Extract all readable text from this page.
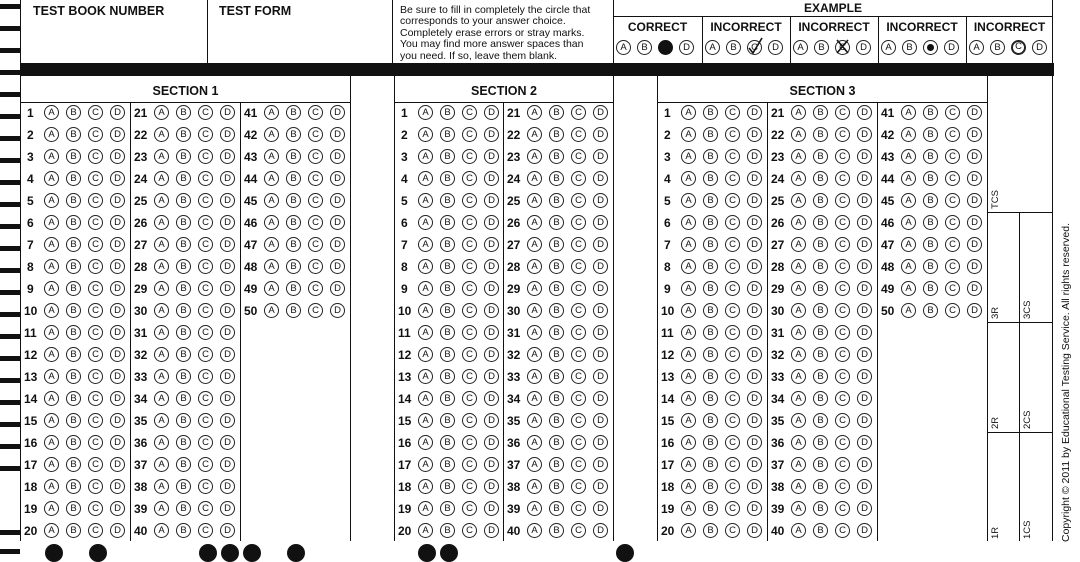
TEST BOOK NUMBER	TEST FORM	Be sure to fill in completely the circle that
corresponds to your answer choice.
Completely erase errors or stray marks.
You may find more answer spaces than
you need. If so, leave them blank.
EXAMPLE
TCS
3R 3CS
2R 2CS
1R 1CS	Copyright © 2011 by Educational Testing Service. All rights reserved.
CORRECT
A	B	D
INCORRECT
A	B	C	D
INCORRECT
A	B	C	D
INCORRECT
A	B	D
INCORRECT
A	B	C	D
SECTION 1
1	A	B	C	D
2	A	B	C	D
3	A	B	C	D
4	A	B	C	D
5	A	B	C	D
6	A	B	C	D
7	A	B	C	D
8	A	B	C	D
9	A	B	C	D
10	A	B	C	D
11	A	B	C	D
12	A	B	C	D
13	A	B	C	D
14	A	B	C	D
15	A	B	C	D
16	A	B	C	D
17	A	B	C	D
18	A	B	C	D
19	A	B	C	D
20	A	B	C	D
21	A	B	C	D
22	A	B	C	D
23	A	B	C	D
24	A	B	C	D
25	A	B	C	D
26	A	B	C	D
27	A	B	C	D
28	A	B	C	D
29	A	B	C	D
30	A	B	C	D
31	A	B	C	D
32	A	B	C	D
33	A	B	C	D
34	A	B	C	D
35	A	B	C	D
36	A	B	C	D
37	A	B	C	D
38	A	B	C	D
39	A	B	C	D
40	A	B	C	D
41	A	B	C	D
42	A	B	C	D
43	A	B	C	D
44	A	B	C	D
45	A	B	C	D
46	A	B	C	D
47	A	B	C	D
48	A	B	C	D
49	A	B	C	D
50	A	B	C	D
SECTION 2
1	A	B	C	D
2	A	B	C	D
3	A	B	C	D
4	A	B	C	D
5	A	B	C	D
6	A	B	C	D
7	A	B	C	D
8	A	B	C	D
9	A	B	C	D
10	A	B	C	D
11	A	B	C	D
12	A	B	C	D
13	A	B	C	D
14	A	B	C	D
15	A	B	C	D
16	A	B	C	D
17	A	B	C	D
18	A	B	C	D
19	A	B	C	D
20	A	B	C	D
21	A	B	C	D
22	A	B	C	D
23	A	B	C	D
24	A	B	C	D
25	A	B	C	D
26	A	B	C	D
27	A	B	C	D
28	A	B	C	D
29	A	B	C	D
30	A	B	C	D
31	A	B	C	D
32	A	B	C	D
33	A	B	C	D
34	A	B	C	D
35	A	B	C	D
36	A	B	C	D
37	A	B	C	D
38	A	B	C	D
39	A	B	C	D
40	A	B	C	D
SECTION 3
1	A	B	C	D
2	A	B	C	D
3	A	B	C	D
4	A	B	C	D
5	A	B	C	D
6	A	B	C	D
7	A	B	C	D
8	A	B	C	D
9	A	B	C	D
10	A	B	C	D
11	A	B	C	D
12	A	B	C	D
13	A	B	C	D
14	A	B	C	D
15	A	B	C	D
16	A	B	C	D
17	A	B	C	D
18	A	B	C	D
19	A	B	C	D
20	A	B	C	D
21	A	B	C	D
22	A	B	C	D
23	A	B	C	D
24	A	B	C	D
25	A	B	C	D
26	A	B	C	D
27	A	B	C	D
28	A	B	C	D
29	A	B	C	D
30	A	B	C	D
31	A	B	C	D
32	A	B	C	D
33	A	B	C	D
34	A	B	C	D
35	A	B	C	D
36	A	B	C	D
37	A	B	C	D
38	A	B	C	D
39	A	B	C	D
40	A	B	C	D
41	A	B	C	D
42	A	B	C	D
43	A	B	C	D
44	A	B	C	D
45	A	B	C	D
46	A	B	C	D
47	A	B	C	D
48	A	B	C	D
49	A	B	C	D
50	A	B	C	D
